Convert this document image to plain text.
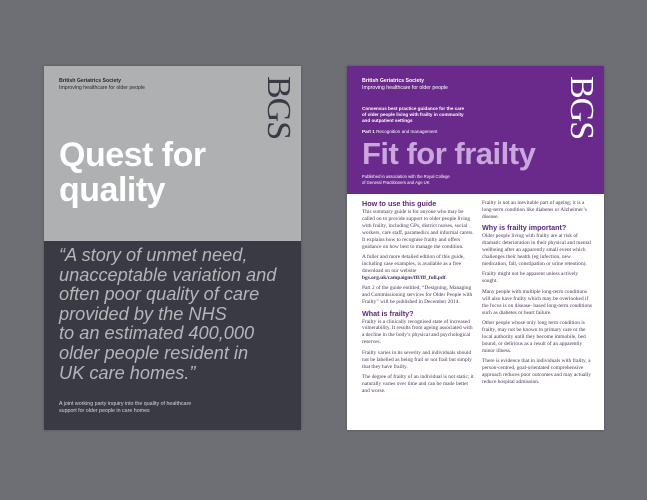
British Geriatrics Society
Improving healthcare for older people	BGS
Quest for
quality
“A story of unmet need,
unacceptable variation and
often poor quality of care
provided by the NHS
to an estimated 400,000
older people resident in
UK care homes.”
A joint working party inquiry into the quality of healthcare
support for older people in care homes
British Geriatrics Society
Improving healthcare for older people	BGS
Consensus best practice guidance for the care
of older people living with frailty in community
and outpatient settings
Part 1 Recognition and management
Fit for frailty
Published in association with the Royal College
of General Practitioners and Age UK
How to use this guide

This summary guide is for anyone who may be called on to provide support to older people living with frailty, including GPs, district nurses, social workers, care staff, paramedics and informal carers. It explains how to recognise frailty and offers guidance on how best to manage the condition.

A fuller and more detailed edition of this guide, including case examples, is available as a free download on our website bgs.org.uk/campaigns/fff/fff_full.pdf.

Part 2 of the guide entitled, “Designing, Managing and Commissioning services for Older People with Frailty” will be published in December 2014.

What is frailty?

Frailty is a clinically recognised state of increased vulnerability. It results from ageing associated with a decline in the body’s physical and psychological reserves.

Frailty varies in its severity and individuals should not be labelled as being frail or not frail but simply that they have frailty.

The degree of frailty of an individual is not static; it naturally varies over time and can be made better and worse.

Frailty is not an inevitable part of ageing; it is a long-term condition like diabetes or Alzheimer’s disease.

Why is frailty important?

Older people living with frailty are at risk of dramatic deterioration in their physical and mental wellbeing after an apparently small event which challenges their health (eg infection, new medication, fall, constipation or urine retention).

Frailty might not be apparent unless actively sought.

Many people with multiple long-term conditions will also have frailty which may be overlooked if the focus is on disease- based long-term conditions such as diabetes or heart failure.

Other people whose only long term condition is frailty, may not be known to primary care or the local authority until they become immobile, bed bound, or delirious as a result of an apparently minor illness.

There is evidence that in individuals with frailty, a person-centred, goal-orientated comprehensive approach reduces poor outcomes and may actually reduce hospital admission.
